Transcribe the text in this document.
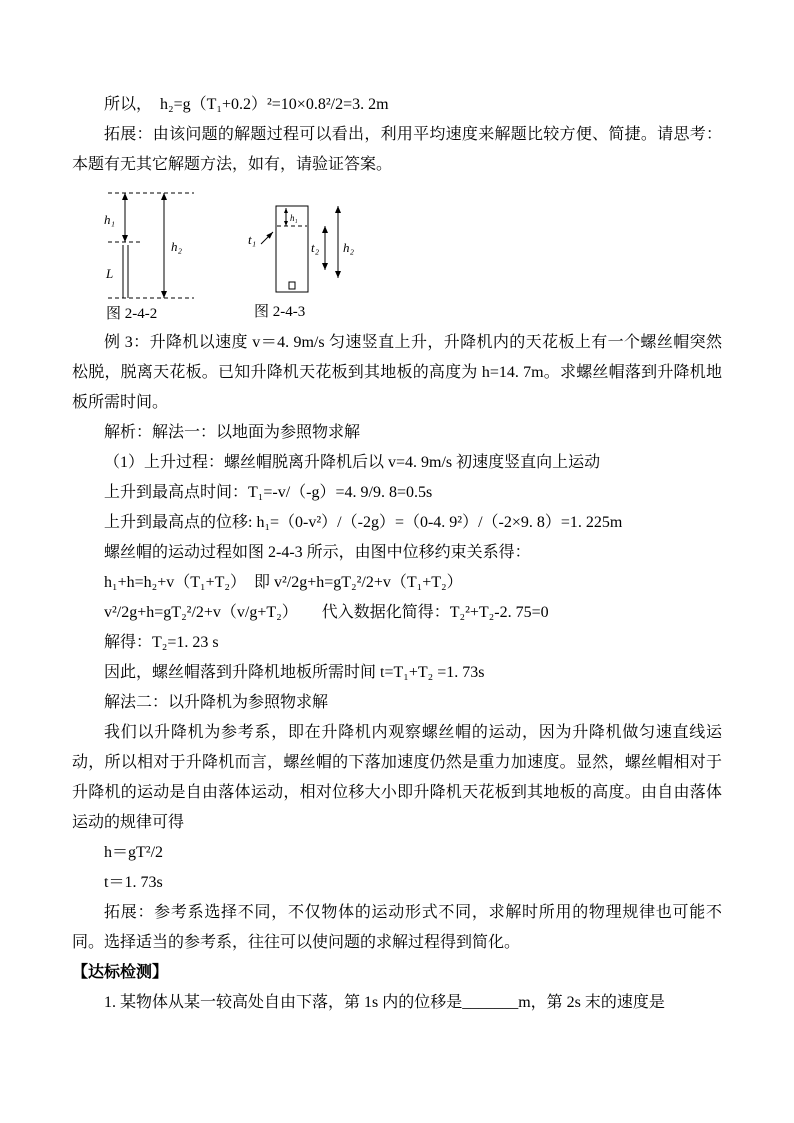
所以，　h₂=g（T₁+0.2）²=10×0.8²/2=3. 2m

拓展：由该问题的解题过程可以看出，利用平均速度来解题比较方便、简捷。请思考：本题有无其它解题方法，如有，请验证答案。

h₁
L
h₂
图 2-4-2
h₁
t₁
t₂ h₂
图 2-4-3

例 3：升降机以速度 v＝4. 9m/s 匀速竖直上升，升降机内的天花板上有一个螺丝帽突然松脱，脱离天花板。已知升降机天花板到其地板的高度为 h=14. 7m。求螺丝帽落到升降机地板所需时间。

解析：解法一：以地面为参照物求解

（1）上升过程：螺丝帽脱离升降机后以 v=4. 9m/s 初速度竖直向上运动

上升到最高点时间：T₁=-v/（-g）=4. 9/9. 8=0.5s

上升到最高点的位移: h₁=（0-v²）/（-2g）=（0-4. 9²）/（-2×9. 8）=1. 225m

螺丝帽的运动过程如图 2-4-3 所示，由图中位移约束关系得：

h₁+h=h₂+v（T₁+T₂）　即 v²/2g+h=gT₂²/2+v（T₁+T₂）

v²/2g+h=gT₂²/2+v（v/g+T₂）　　代入数据化简得：T₂²+T₂-2. 75=0

解得：T₂=1. 23 s

因此，螺丝帽落到升降机地板所需时间 t=T₁+T₂ =1. 73s

解法二：以升降机为参照物求解

我们以升降机为参考系，即在升降机内观察螺丝帽的运动，因为升降机做匀速直线运动，所以相对于升降机而言，螺丝帽的下落加速度仍然是重力加速度。显然，螺丝帽相对于升降机的运动是自由落体运动，相对位移大小即升降机天花板到其地板的高度。由自由落体运动的规律可得

h＝gT²/2

t＝1. 73s

拓展：参考系选择不同，不仅物体的运动形式不同，求解时所用的物理规律也可能不同。选择适当的参考系，往往可以使问题的求解过程得到简化。

【达标检测】

1. 某物体从某一较高处自由下落，第 1s 内的位移是_______m，第 2s 末的速度是
